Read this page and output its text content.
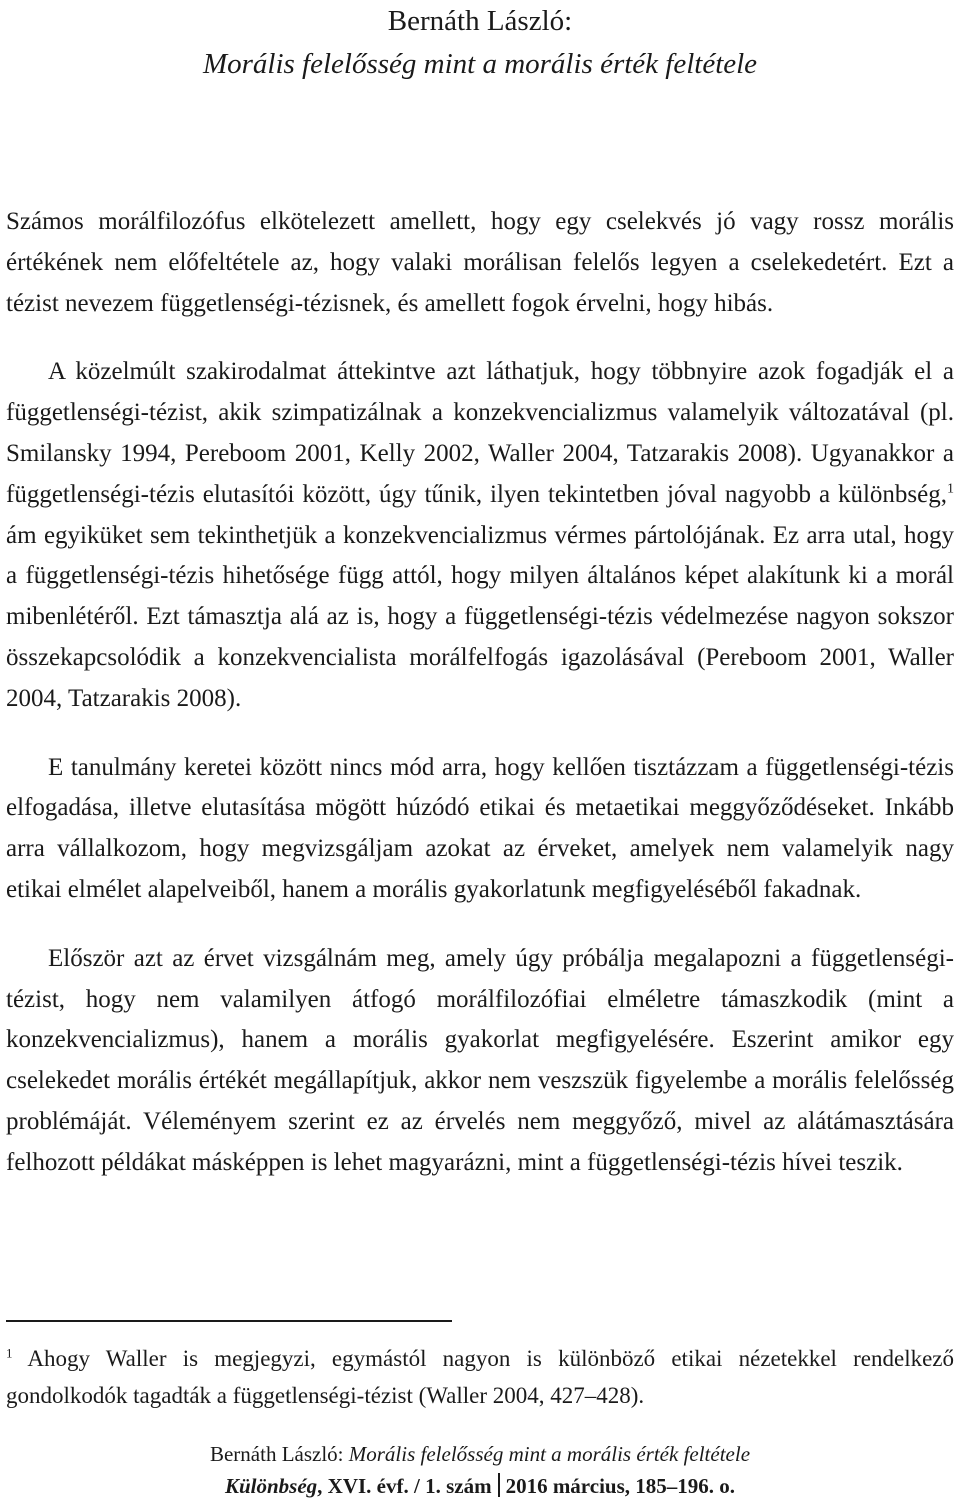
Bernáth László:
Morális felelősség mint a morális érték feltétele

Számos morálfilozófus elkötelezett amellett, hogy egy cselekvés jó vagy rossz morális értékének nem előfeltétele az, hogy valaki morálisan felelős legyen a cselekedetért. Ezt a tézist nevezem függetlenségi-tézisnek, és amellett fogok érvelni, hogy hibás.

A közelmúlt szakirodalmat áttekintve azt láthatjuk, hogy többnyire azok fogadják el a függetlenségi-tézist, akik szimpatizálnak a konzekvencializmus valamelyik változatával (pl. Smilansky 1994, Pereboom 2001, Kelly 2002, Waller 2004, Tatzarakis 2008). Ugyanakkor a függetlenségi-tézis elutasítói között, úgy tűnik, ilyen tekintetben jóval nagyobb a különbség,$^1$ ám egyiküket sem tekinthetjük a konzekvencializmus vérmes pártolójának. Ez arra utal, hogy a függetlenségi-tézis hihetősége függ attól, hogy milyen általános képet alakítunk ki a morál mibenlétéről. Ezt támasztja alá az is, hogy a függetlenségi-tézis védelmezése nagyon sokszor összekapcsolódik a konzekvencialista morálfelfogás igazolásával (Pereboom 2001, Waller 2004, Tatzarakis 2008).

E tanulmány keretei között nincs mód arra, hogy kellően tisztázzam a függetlenségi-tézis elfogadása, illetve elutasítása mögött húzódó etikai és metaetikai meggyőződéseket. Inkább arra vállalkozom, hogy megvizsgáljam azokat az érveket, amelyek nem valamelyik nagy etikai elmélet alapelveiből, hanem a morális gyakorlatunk megfigyeléséből fakadnak.

Először azt az érvet vizsgálnám meg, amely úgy próbálja megalapozni a függetlenségi-tézist, hogy nem valamilyen átfogó morálfilozófiai elméletre támaszkodik (mint a konzekvencializmus), hanem a morális gyakorlat megfigyelésére. Eszerint amikor egy cselekedet morális értékét megállapítjuk, akkor nem veszszük figyelembe a morális felelősség problémáját. Véleményem szerint ez az érvelés nem meggyőző, mivel az alátámasztására felhozott példákat másképpen is lehet magyarázni, mint a függetlenségi-tézis hívei teszik.

$^1$ Ahogy Waller is megjegyzi, egymástól nagyon is különböző etikai nézetekkel rendelkező gondolkodók tagadták a függetlenségi-tézist (Waller 2004, 427–428).
Bernáth László: Morális felelősség mint a morális érték feltétele
Különbség, XVI. évf. / 1. szám 2016 március, 185–196. o.
